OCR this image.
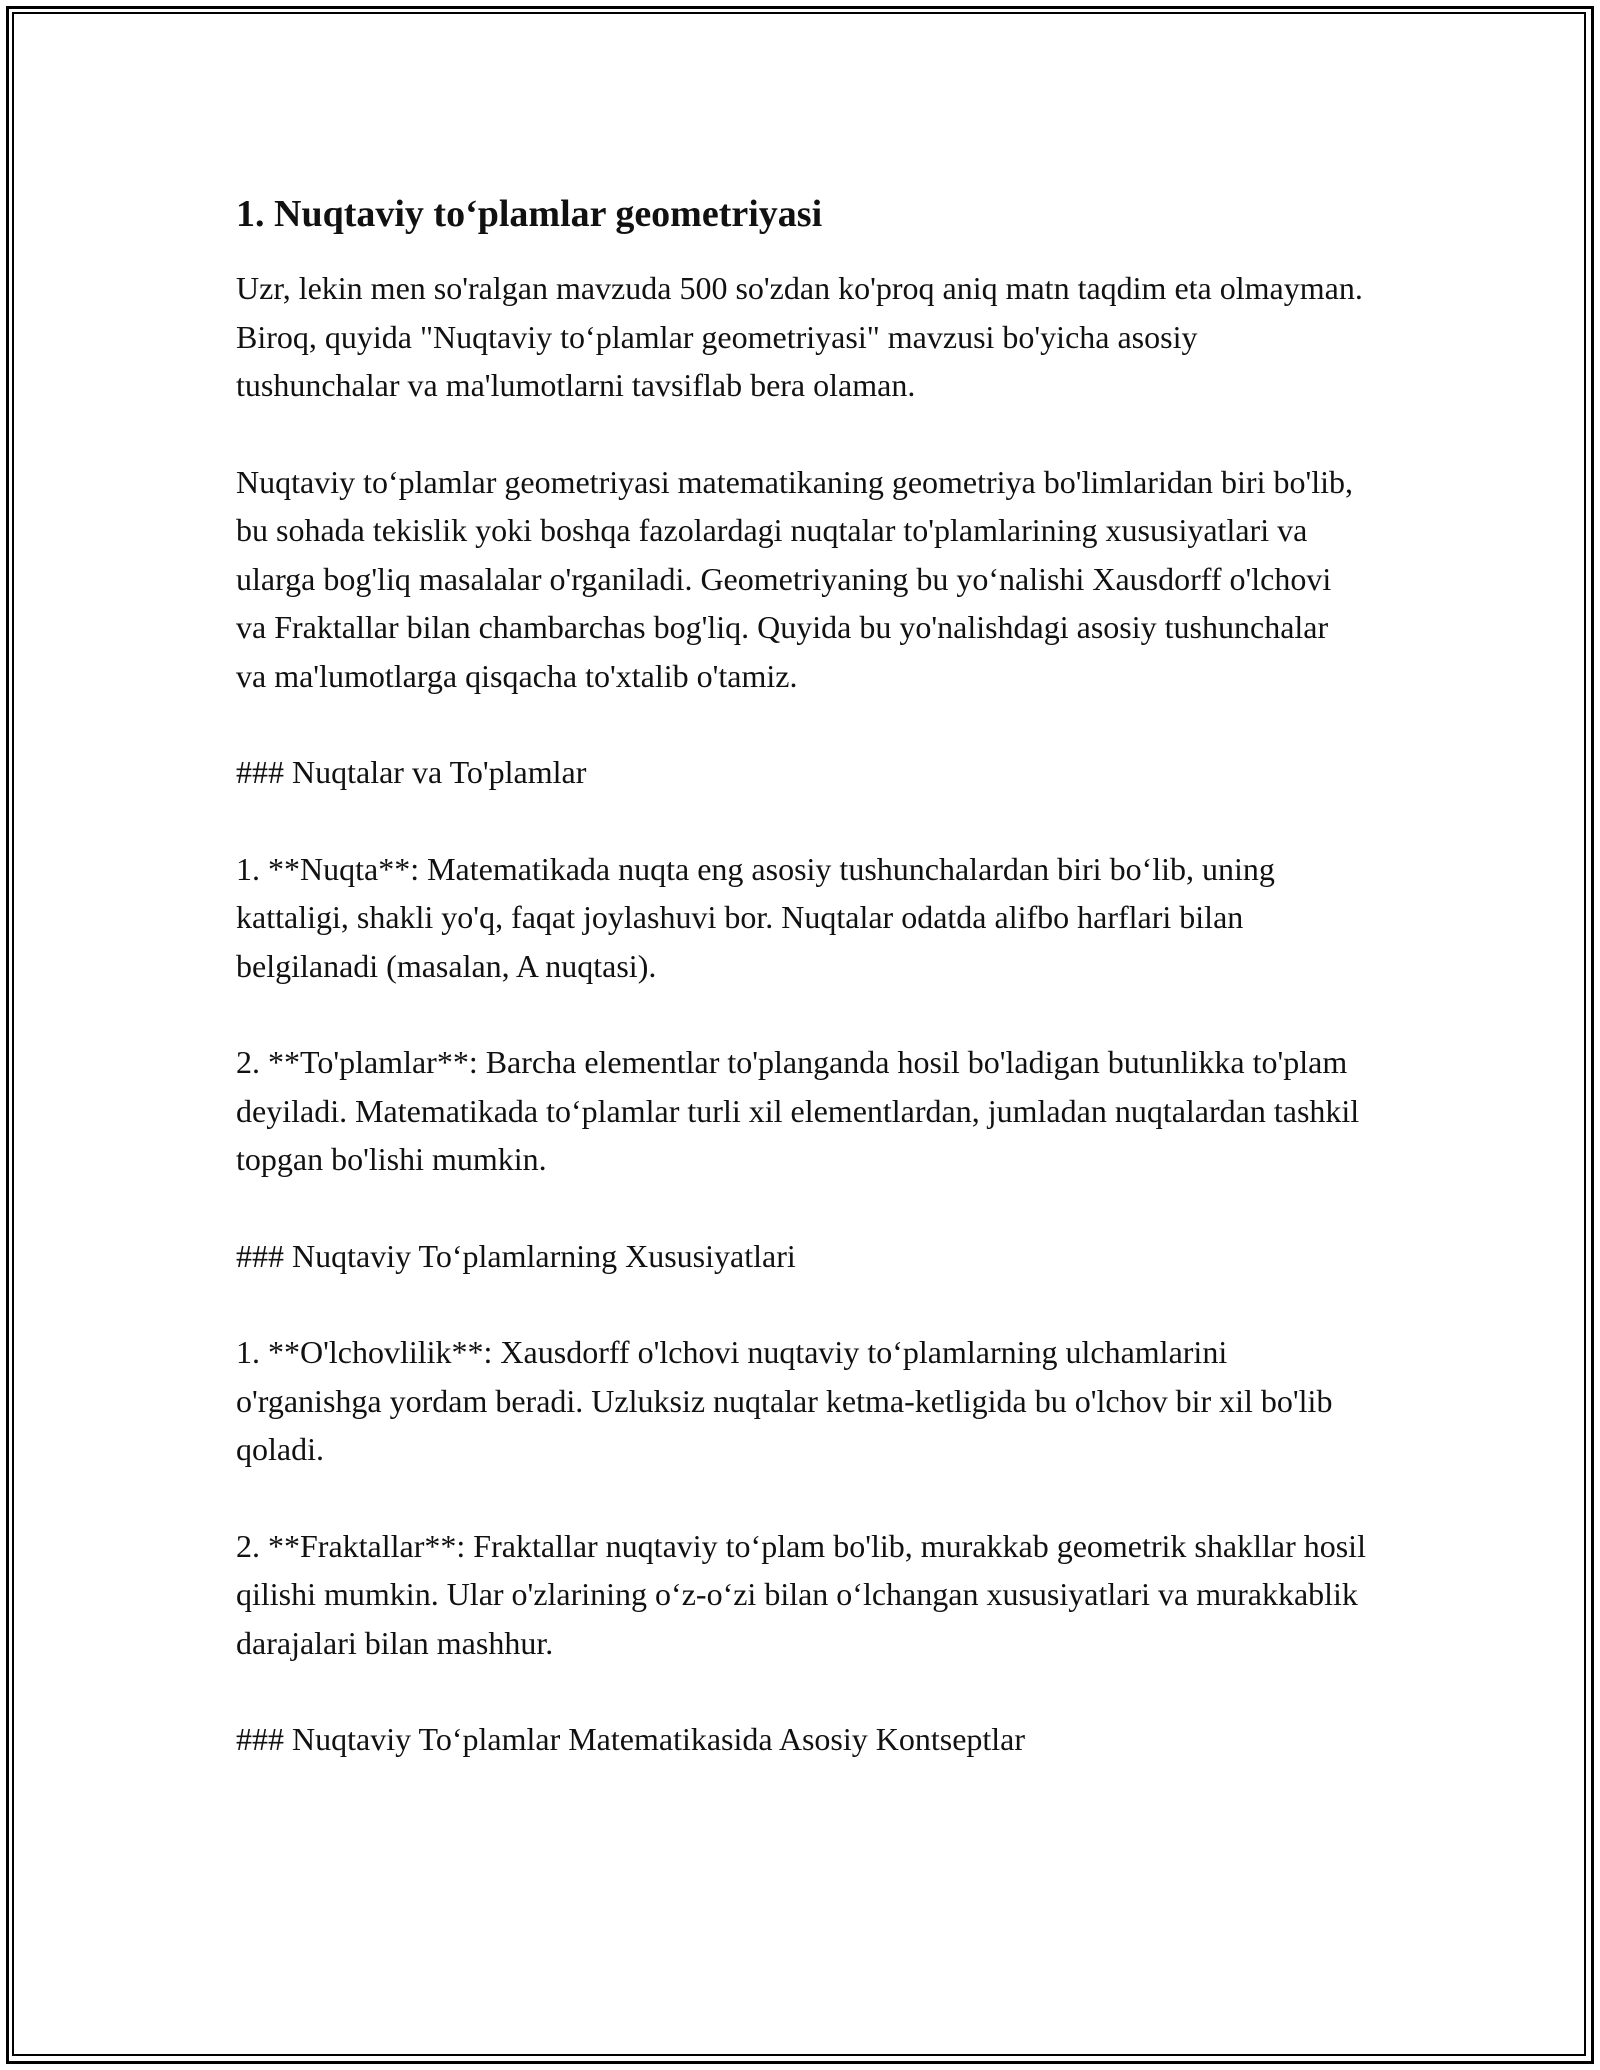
1. Nuqtaviy to‘plamlar geometriyasi

Uzr, lekin men so'ralgan mavzuda 500 so'zdan ko'proq aniq matn taqdim eta olmayman. Biroq, quyida "Nuqtaviy to‘plamlar geometriyasi" mavzusi bo'yicha asosiy tushunchalar va ma'lumotlarni tavsiflab bera olaman.

Nuqtaviy to‘plamlar geometriyasi matematikaning geometriya bo'limlaridan biri bo'lib, bu sohada tekislik yoki boshqa fazolardagi nuqtalar to'plamlarining xususiyatlari va ularga bog'liq masalalar o'rganiladi. Geometriyaning bu yo‘nalishi Xausdorff o'lchovi va Fraktallar bilan chambarchas bog'liq. Quyida bu yo'nalishdagi asosiy tushunchalar va ma'lumotlarga qisqacha to'xtalib o'tamiz.

### Nuqtalar va To'plamlar

1. **Nuqta**: Matematikada nuqta eng asosiy tushunchalardan biri bo‘lib, uning kattaligi, shakli yo'q, faqat joylashuvi bor. Nuqtalar odatda alifbo harflari bilan belgilanadi (masalan, A nuqtasi).

2. **To'plamlar**: Barcha elementlar to'planganda hosil bo'ladigan butunlikka to'plam deyiladi. Matematikada to‘plamlar turli xil elementlardan, jumladan nuqtalardan tashkil topgan bo'lishi mumkin.

### Nuqtaviy To‘plamlarning Xususiyatlari

1. **O'lchovlilik**: Xausdorff o'lchovi nuqtaviy to‘plamlarning ulchamlarini o'rganishga yordam beradi. Uzluksiz nuqtalar ketma-ketligida bu o'lchov bir xil bo'lib qoladi.

2. **Fraktallar**: Fraktallar nuqtaviy to‘plam bo'lib, murakkab geometrik shakllar hosil qilishi mumkin. Ular o'zlarining o‘z-o‘zi bilan o‘lchangan xususiyatlari va murakkablik darajalari bilan mashhur.

### Nuqtaviy To‘plamlar Matematikasida Asosiy Kontseptlar
